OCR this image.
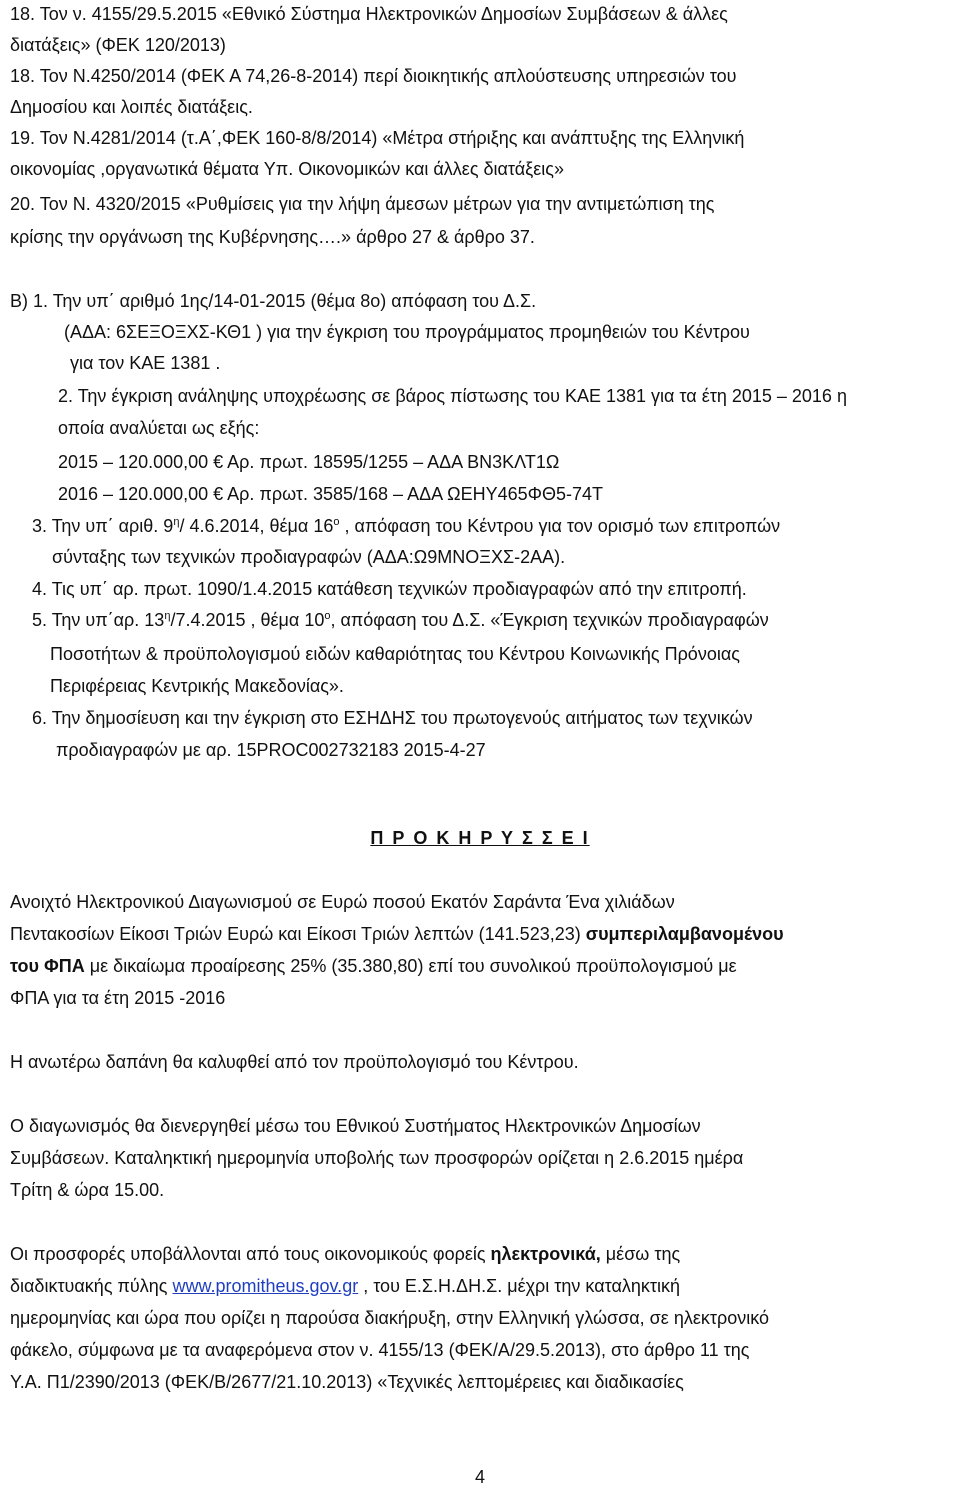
18. Τον ν. 4155/29.5.2015 «Εθνικό Σύστημα Ηλεκτρονικών Δημοσίων Συμβάσεων & άλλες
διατάξεις» (ΦΕΚ 120/2013)
18. Τον Ν.4250/2014 (ΦΕΚ Α 74,26-8-2014) περί διοικητικής απλούστευσης υπηρεσιών του
Δημοσίου και λοιπές διατάξεις.
19. Τον Ν.4281/2014 (τ.Α΄,ΦΕΚ 160-8/8/2014) «Μέτρα στήριξης και ανάπτυξης της Ελληνική
οικονομίας ,οργανωτικά θέματα Υπ. Οικονομικών και άλλες διατάξεις»
20. Τον Ν. 4320/2015 «Ρυθμίσεις για την λήψη άμεσων μέτρων για την αντιμετώπιση της
κρίσης την οργάνωση της Κυβέρνησης….» άρθρο 27 & άρθρο 37.
Β) 1. Την υπ΄ αριθμό 1ης/14-01-2015 (θέμα 8ο) απόφαση του Δ.Σ.
(ΑΔΑ: 6ΣΕΞΟΞΧΣ-ΚΘ1 ) για την έγκριση του προγράμματος προμηθειών του Κέντρου
για τον ΚΑΕ 1381 .
2. Την έγκριση ανάληψης υποχρέωσης σε βάρος πίστωσης του ΚΑΕ 1381 για τα έτη 2015 – 2016 η
οποία αναλύεται ως εξής:
2015 – 120.000,00 € Αρ. πρωτ. 18595/1255 – ΑΔΑ ΒΝ3ΚΛΤ1Ω
2016 – 120.000,00 € Αρ. πρωτ. 3585/168 – ΑΔΑ ΩΕΗΥ465ΦΘ5-74Τ
3. Την υπ΄ αριθ. $9^\eta/$ 4.6.2014, θέμα $16^o$ , απόφαση του Κέντρου για τον ορισμό των επιτροπών
σύνταξης των τεχνικών προδιαγραφών (ΑΔΑ:Ω9ΜΝΟΞΧΣ-2ΑΑ).
4. Τις υπ΄ αρ. πρωτ. 1090/1.4.2015 κατάθεση τεχνικών προδιαγραφών από την επιτροπή.
5. Την υπ΄αρ. $13^\eta/7.4.2015$ , θέμα $10^o$, απόφαση του Δ.Σ. «Έγκριση τεχνικών προδιαγραφών
Ποσοτήτων & προϋπολογισμού ειδών καθαριότητας του Κέντρου Κοινωνικής Πρόνοιας
Περιφέρειας Κεντρικής Μακεδονίας».
6. Την δημοσίευση και την έγκριση στο ΕΣΗΔΗΣ του πρωτογενούς αιτήματος των τεχνικών
προδιαγραφών με αρ. 15PROC002732183 2015-4-27
Π Ρ Ο Κ Η Ρ Υ Σ Σ Ε Ι
Ανοιχτό Ηλεκτρονικού Διαγωνισμού σε Ευρώ ποσού Εκατόν Σαράντα Ένα χιλιάδων
Πεντακοσίων Είκοσι Τριών Ευρώ και Είκοσι Τριών λεπτών (141.523,23) συμπεριλαμβανομένου
του ΦΠΑ με δικαίωμα προαίρεσης 25% (35.380,80) επί του συνολικού προϋπολογισμού με
ΦΠΑ για τα έτη 2015 -2016
Η ανωτέρω δαπάνη θα καλυφθεί από τον προϋπολογισμό του Κέντρου.
Ο διαγωνισμός θα διενεργηθεί μέσω του Εθνικού Συστήματος Ηλεκτρονικών Δημοσίων
Συμβάσεων. Καταληκτική ημερομηνία υποβολής των προσφορών ορίζεται η 2.6.2015 ημέρα
Τρίτη & ώρα 15.00.
Οι προσφορές υποβάλλονται από τους οικονομικούς φορείς ηλεκτρονικά, μέσω της
διαδικτυακής πύλης www.promitheus.gov.gr , του Ε.Σ.Η.ΔΗ.Σ. μέχρι την καταληκτική
ημερομηνίας και ώρα που ορίζει η παρούσα διακήρυξη, στην Ελληνική γλώσσα, σε ηλεκτρονικό
φάκελο, σύμφωνα με τα αναφερόμενα στον ν. 4155/13 (ΦΕΚ/Α/29.5.2013), στο άρθρο 11 της
Υ.Α. Π1/2390/2013 (ΦΕΚ/Β/2677/21.10.2013) «Τεχνικές λεπτομέρειες και διαδικασίες
4
